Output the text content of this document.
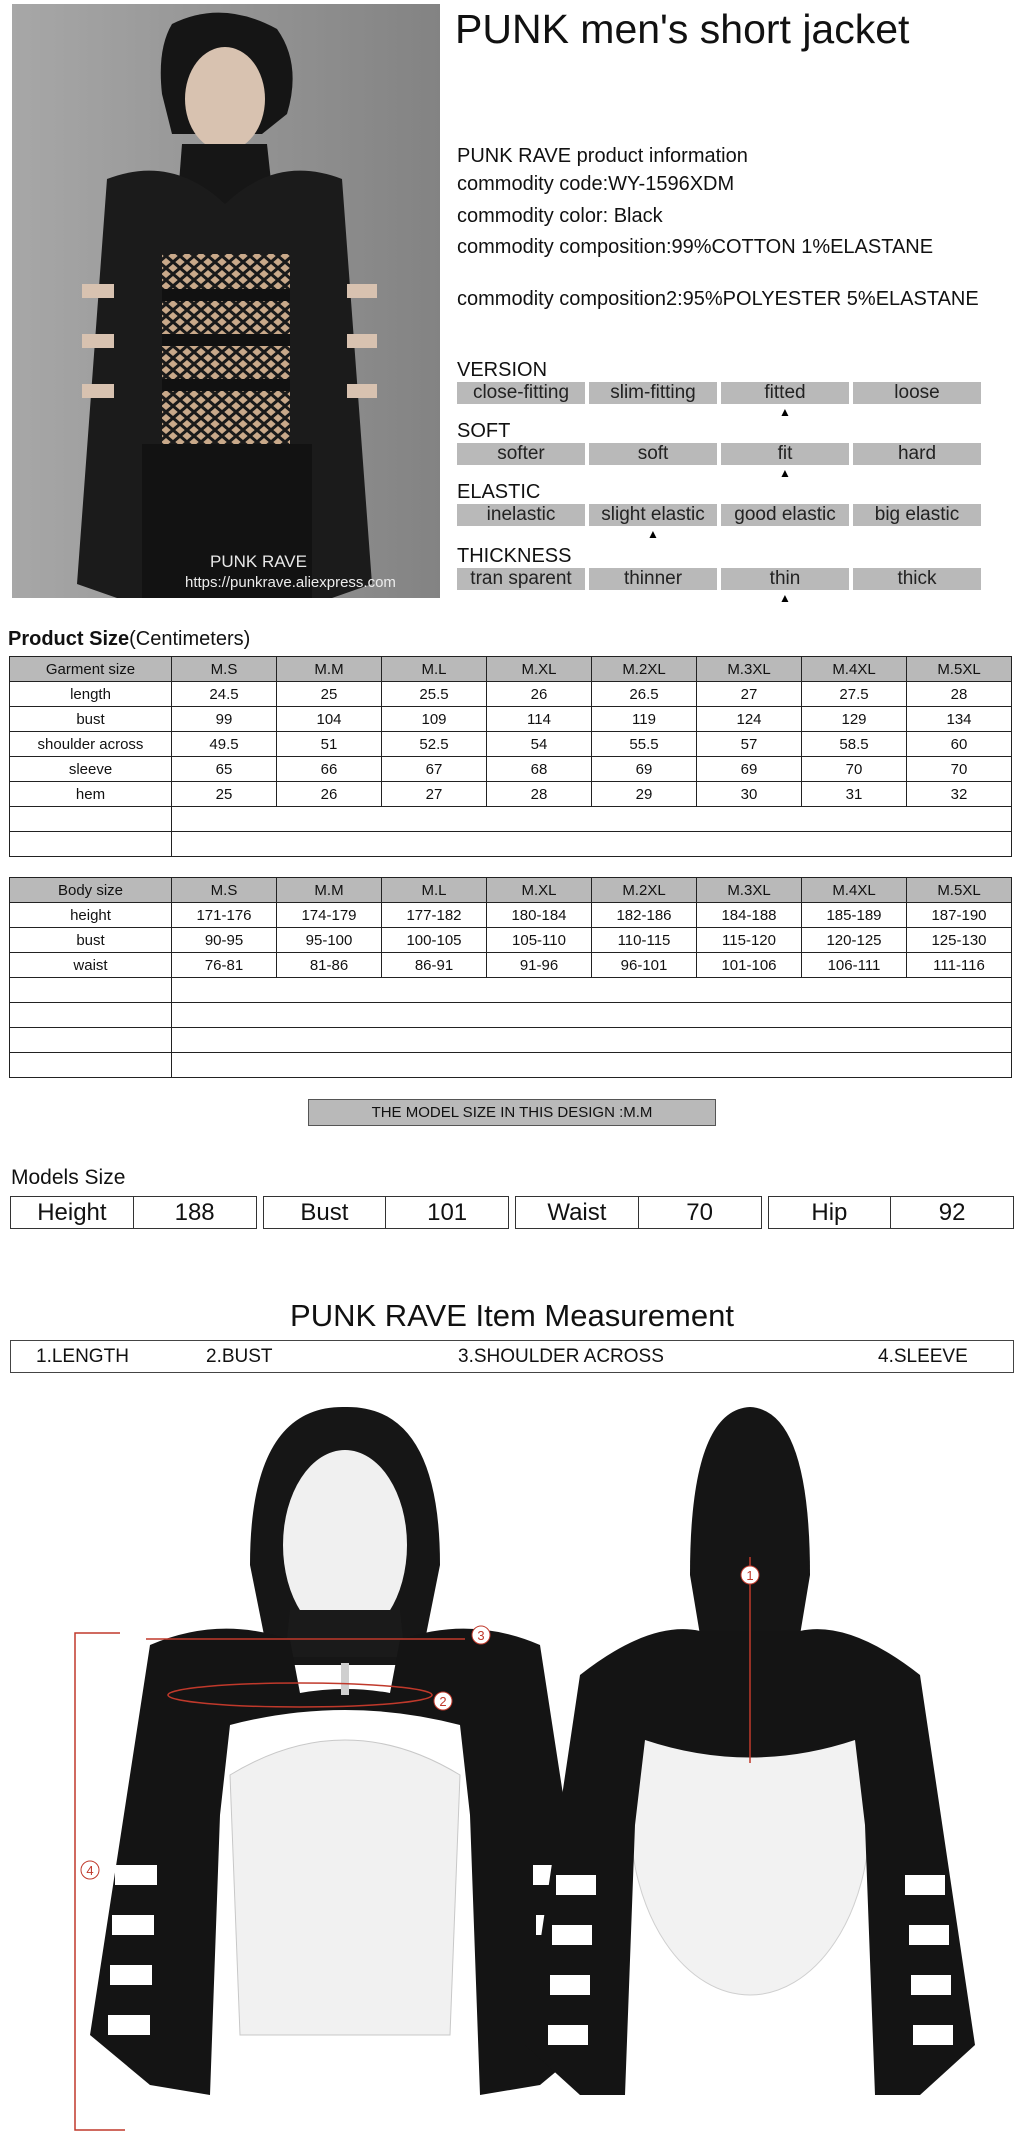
PUNK RAVE
https://punkrave.aliexpress.com
PUNK men's short jacket
PUNK RAVE product information
commodity code:WY-1596XDM
commodity color: Black
commodity composition:99%COTTON 1%ELASTANE
commodity composition2:95%POLYESTER 5%ELASTANE
VERSION
close-fitting	slim-fitting	fitted	loose
▲
SOFT
softer	soft	fit	hard
▲
ELASTIC
inelastic	slight elastic	good elastic	big elastic
▲
THICKNESS
tran sparent	thinner	thin	thick
▲
Product Size(Centimeters)
Garment size	M.S	M.M	M.L	M.XL	M.2XL	M.3XL	M.4XL	M.5XL
length	24.5	25	25.5	26	26.5	27	27.5	28
bust	99	104	109	114	119	124	129	134
shoulder across	49.5	51	52.5	54	55.5	57	58.5	60
sleeve	65	66	67	68	69	69	70	70
hem	25	26	27	28	29	30	31	32

Body size	M.S	M.M	M.L	M.XL	M.2XL	M.3XL	M.4XL	M.5XL
height	171-176	174-179	177-182	180-184	182-186	184-188	185-189	187-190
bust	90-95	95-100	100-105	105-110	110-115	115-120	120-125	125-130
waist	76-81	81-86	86-91	91-96	96-101	101-106	106-111	111-116

THE MODEL SIZE IN THIS DESIGN :M.M
Models Size
Height	188	Bust	101	Waist	70	Hip	92
PUNK RAVE Item Measurement
1.LENGTH	2.BUST	3.SHOULDER ACROSS	4.SLEEVE
3
2
4
1
